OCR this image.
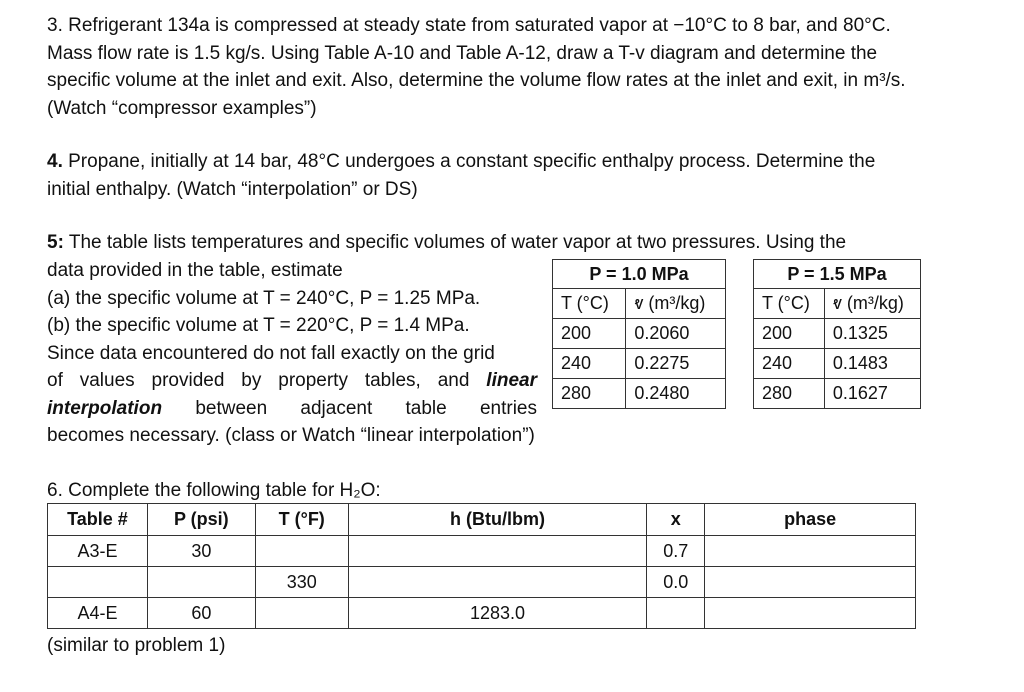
3. Refrigerant 134a is compressed at steady state from saturated vapor at −10°C to 8 bar, and 80°C. Mass flow rate is 1.5 kg/s. Using Table A-10 and Table A-12, draw a T-v diagram and determine the specific volume at the inlet and exit. Also, determine the volume flow rates at the inlet and exit, in m³/s. (Watch “compressor examples”)
4. Propane, initially at 14 bar, 48°C undergoes a constant specific enthalpy process. Determine the initial enthalpy. (Watch “interpolation” or DS)
5: The table lists temperatures and specific volumes of water vapor at two pressures. Using the
data provided in the table, estimate
(a) the specific volume at T = 240°C, P = 1.25 MPa.
(b) the specific volume at T = 220°C, P = 1.4 MPa.
Since data encountered do not fall exactly on the grid
of values provided by property tables, and linear
interpolation between adjacent table entries
becomes necessary. (class or Watch “linear interpolation”)
P = 1.0 MPa	
T (°C)	ⱴ (m³/kg)
200	0.2060
240	0.2275
280	0.2480
P = 1.5 MPa	
T (°C)	ⱴ (m³/kg)
200	0.1325
240	0.1483
280	0.1627
6. Complete the following table for H₂O:
Table #	P (psi)	T (°F)	h (Btu/lbm)	x	phase
A3-E	30			0.7	
		330		0.0	
A4-E	60		1283.0		
(similar to problem 1)
